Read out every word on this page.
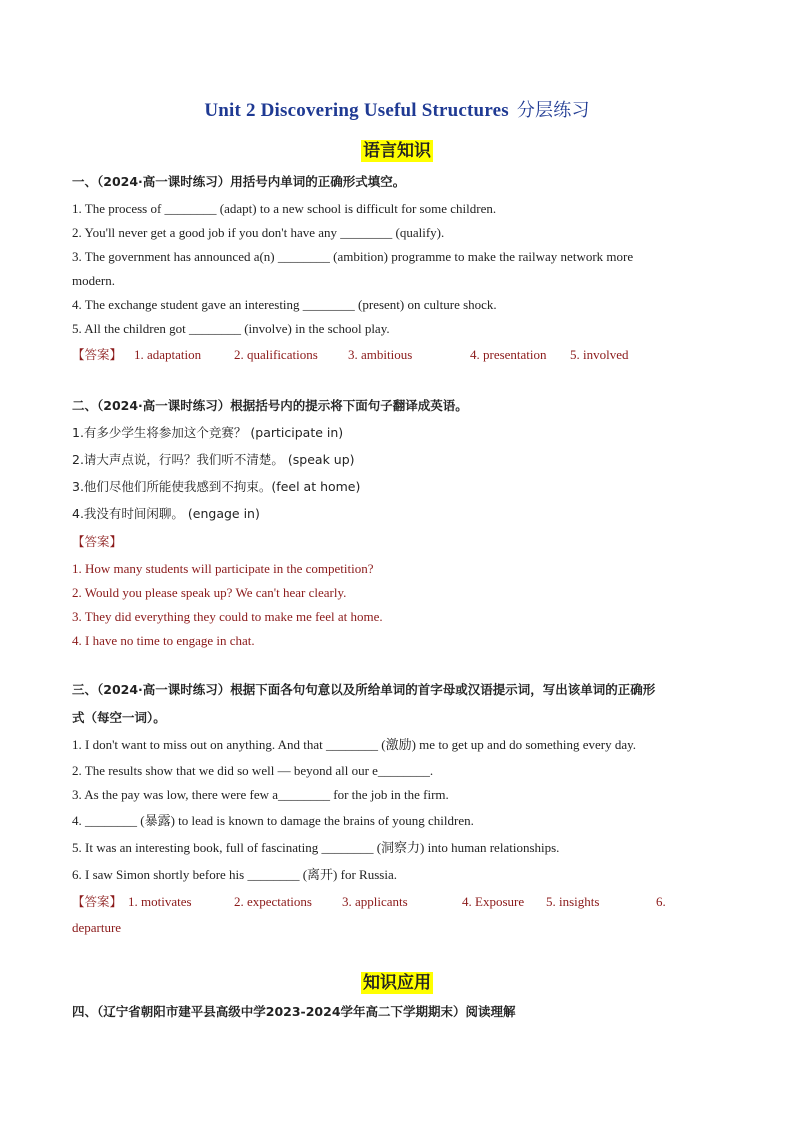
Unit 2 Discovering Useful Structures 分层练习
语言知识
一、（2024·高一课时练习）用括号内单词的正确形式填空。
1. The process of ________ (adapt) to a new school is difficult for some children.
2. You'll never get a good job if you don't have any ________ (qualify).
3. The government has announced a(n) ________ (ambition) programme to make the railway network more
modern.
4. The exchange student gave an interesting ________ (present) on culture shock.
5. All the children got ________ (involve) in the school play.
【答案】 1. adaptation	2. qualifications 3. ambitious	4. presentation 5. involved
二、（2024·高一课时练习）根据括号内的提示将下面句子翻译成英语。
1.有多少学生将参加这个竞赛？ (participate in)
2.请大声点说，行吗？我们听不清楚。 (speak up)
3.他们尽他们所能使我感到不拘束。(feel at home)
4.我没有时间闲聊。 (engage in)
【答案】
1. How many students will participate in the competition?
2. Would you please speak up? We can't hear clearly.
3. They did everything they could to make me feel at home.
4. I have no time to engage in chat.
三、（2024·高一课时练习）根据下面各句句意以及所给单词的首字母或汉语提示词，写出该单词的正确形
式（每空一词）。
1. I don't want to miss out on anything. And that ________ (激励) me to get up and do something every day.
2. The results show that we did so well — beyond all our e________.
3. As the pay was low, there were few a________ for the job in the firm.
4. ________ (暴露) to lead is known to damage the brains of young children.
5. It was an interesting book, full of fascinating ________ (洞察力) into human relationships.
6. I saw Simon shortly before his ________ (离开) for Russia.
【答案】 1. motivates	2. expectations 3. applicants	4. Exposure 5. insights	6.
departure
知识应用
四、（辽宁省朝阳市建平县高级中学2023-2024学年高二下学期期末）阅读理解
